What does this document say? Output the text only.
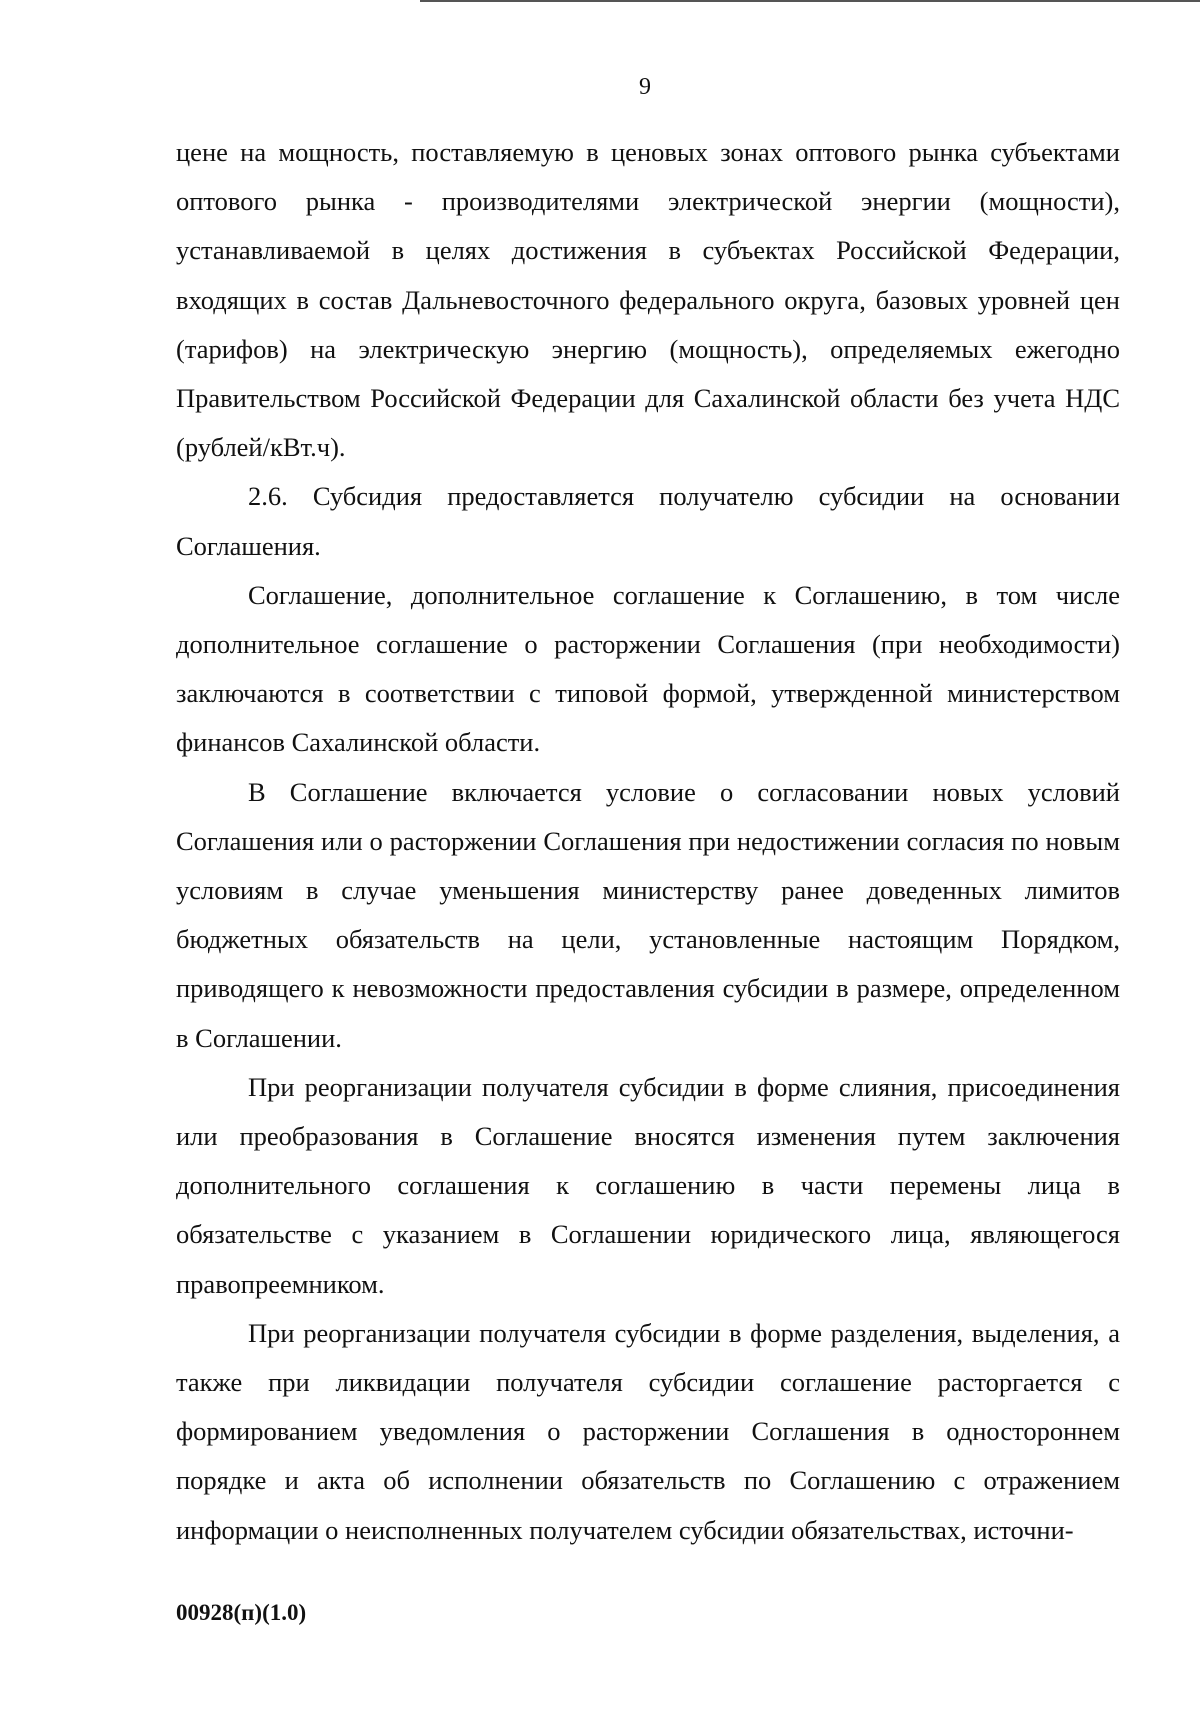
9

цене на мощность, поставляемую в ценовых зонах оптового рынка субъектами оптового рынка - производителями электрической энергии (мощности), устанавливаемой в целях достижения в субъектах Российской Федерации, входящих в состав Дальневосточного федерального округа, базовых уровней цен (тарифов) на электрическую энергию (мощность), определяемых ежегодно Правительством Российской Федерации для Сахалинской области без учета НДС (рублей/кВт.ч).

2.6. Субсидия предоставляется получателю субсидии на основании Соглашения.

Соглашение, дополнительное соглашение к Соглашению, в том числе дополнительное соглашение о расторжении Соглашения (при необходимости) заключаются в соответствии с типовой формой, утвержденной министерством финансов Сахалинской области.

В Соглашение включается условие о согласовании новых условий Соглашения или о расторжении Соглашения при недостижении согласия по новым условиям в случае уменьшения министерству ранее доведенных лимитов бюджетных обязательств на цели, установленные настоящим Порядком, приводящего к невозможности предоставления субсидии в размере, определенном в Соглашении.

При реорганизации получателя субсидии в форме слияния, присоединения или преобразования в Соглашение вносятся изменения путем заключения дополнительного соглашения к соглашению в части перемены лица в обязательстве с указанием в Соглашении юридического лица, являющегося правопреемником.

При реорганизации получателя субсидии в форме разделения, выделения, а также при ликвидации получателя субсидии соглашение расторгается с формированием уведомления о расторжении Соглашения в одностороннем порядке и акта об исполнении обязательств по Соглашению с отражением информации о неисполненных получателем субсидии обязательствах, источни-

00928(п)(1.0)
